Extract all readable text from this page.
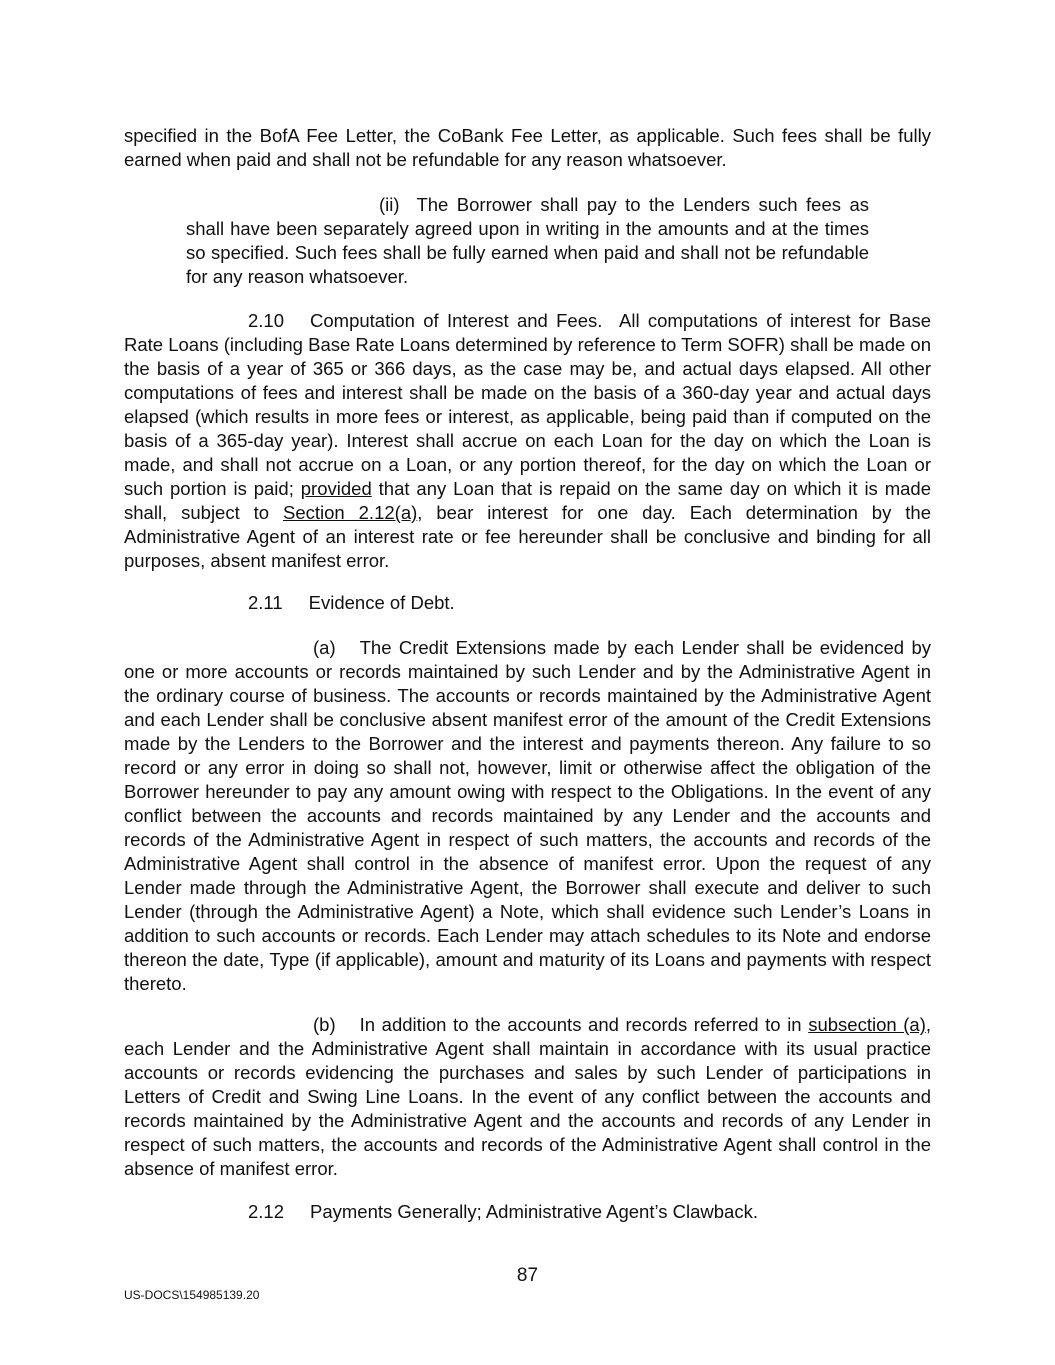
specified in the BofA Fee Letter, the CoBank Fee Letter, as applicable. Such fees shall be fully earned when paid and shall not be refundable for any reason whatsoever.

(ii) The Borrower shall pay to the Lenders such fees as shall have been separately agreed upon in writing in the amounts and at the times so specified. Such fees shall be fully earned when paid and shall not be refundable for any reason whatsoever.

2.10 Computation of Interest and Fees. All computations of interest for Base Rate Loans (including Base Rate Loans determined by reference to Term SOFR) shall be made on the basis of a year of 365 or 366 days, as the case may be, and actual days elapsed. All other computations of fees and interest shall be made on the basis of a 360-day year and actual days elapsed (which results in more fees or interest, as applicable, being paid than if computed on the basis of a 365-day year). Interest shall accrue on each Loan for the day on which the Loan is made, and shall not accrue on a Loan, or any portion thereof, for the day on which the Loan or such portion is paid; provided that any Loan that is repaid on the same day on which it is made shall, subject to Section 2.12(a), bear interest for one day. Each determination by the Administrative Agent of an interest rate or fee hereunder shall be conclusive and binding for all purposes, absent manifest error.

2.11 Evidence of Debt.

(a) The Credit Extensions made by each Lender shall be evidenced by one or more accounts or records maintained by such Lender and by the Administrative Agent in the ordinary course of business. The accounts or records maintained by the Administrative Agent and each Lender shall be conclusive absent manifest error of the amount of the Credit Extensions made by the Lenders to the Borrower and the interest and payments thereon. Any failure to so record or any error in doing so shall not, however, limit or otherwise affect the obligation of the Borrower hereunder to pay any amount owing with respect to the Obligations. In the event of any conflict between the accounts and records maintained by any Lender and the accounts and records of the Administrative Agent in respect of such matters, the accounts and records of the Administrative Agent shall control in the absence of manifest error. Upon the request of any Lender made through the Administrative Agent, the Borrower shall execute and deliver to such Lender (through the Administrative Agent) a Note, which shall evidence such Lender’s Loans in addition to such accounts or records. Each Lender may attach schedules to its Note and endorse thereon the date, Type (if applicable), amount and maturity of its Loans and payments with respect thereto.

(b) In addition to the accounts and records referred to in subsection (a), each Lender and the Administrative Agent shall maintain in accordance with its usual practice accounts or records evidencing the purchases and sales by such Lender of participations in Letters of Credit and Swing Line Loans. In the event of any conflict between the accounts and records maintained by the Administrative Agent and the accounts and records of any Lender in respect of such matters, the accounts and records of the Administrative Agent shall control in the absence of manifest error.

2.12 Payments Generally; Administrative Agent’s Clawback.

87
US-DOCS\154985139.20
